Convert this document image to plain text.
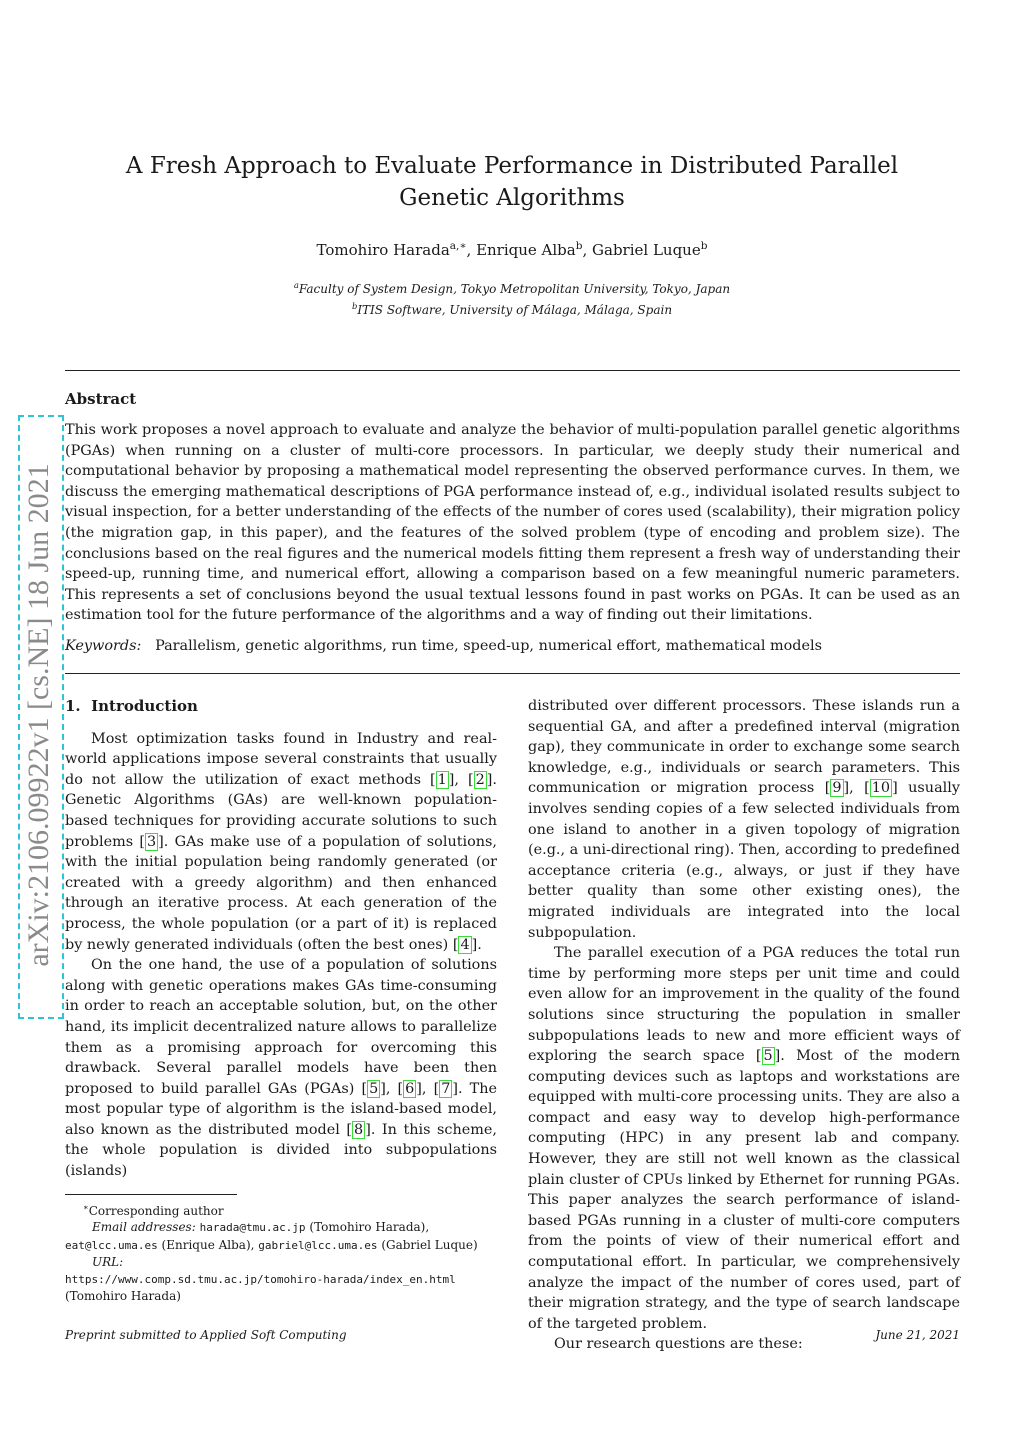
A Fresh Approach to Evaluate Performance in Distributed Parallel Genetic Algorithms
Tomohiro Harada$^{a,∗}$, Enrique Alba$^b$, Gabriel Luque$^b$
$^a$Faculty of System Design, Tokyo Metropolitan University, Tokyo, Japan
$^b$ITIS Software, University of Málaga, Málaga, Spain
Abstract
This work proposes a novel approach to evaluate and analyze the behavior of multi-population parallel genetic algorithms (PGAs) when running on a cluster of multi-core processors. In particular, we deeply study their numerical and computational behavior by proposing a mathematical model representing the observed performance curves. In them, we discuss the emerging mathematical descriptions of PGA performance instead of, e.g., individual isolated results subject to visual inspection, for a better understanding of the effects of the number of cores used (scalability), their migration policy (the migration gap, in this paper), and the features of the solved problem (type of encoding and problem size). The conclusions based on the real figures and the numerical models fitting them represent a fresh way of understanding their speed-up, running time, and numerical effort, allowing a comparison based on a few meaningful numeric parameters. This represents a set of conclusions beyond the usual textual lessons found in past works on PGAs. It can be used as an estimation tool for the future performance of the algorithms and a way of finding out their limitations.
Keywords: Parallelism, genetic algorithms, run time, speed-up, numerical effort, mathematical models
1. Introduction

Most optimization tasks found in Industry and real-world applications impose several constraints that usually do not allow the utilization of exact methods [ 1 ], [ 2 ]. Genetic Algorithms (GAs) are well-known population-based techniques for providing accurate solutions to such problems [ 3 ]. GAs make use of a population of solutions, with the initial population being randomly generated (or created with a greedy algorithm) and then enhanced through an iterative process. At each generation of the process, the whole population (or a part of it) is replaced by newly generated individuals (often the best ones) [ 4 ].

On the one hand, the use of a population of solutions along with genetic operations makes GAs time-consuming in order to reach an acceptable solution, but, on the other hand, its implicit decentralized nature allows to parallelize them as a promising approach for overcoming this drawback. Several parallel models have been then proposed to build parallel GAs (PGAs) [ 5 ], [ 6 ], [ 7 ]. The most popular type of algorithm is the island-based model, also known as the distributed model [ 8 ]. In this scheme, the whole population is divided into subpopulations (islands)

distributed over different processors. These islands run a sequential GA, and after a predefined interval (migration gap), they communicate in order to exchange some search knowledge, e.g., individuals or search parameters. This communication or migration process [ 9 ], [ 10 ] usually involves sending copies of a few selected individuals from one island to another in a given topology of migration (e.g., a uni-directional ring). Then, according to predefined acceptance criteria (e.g., always, or just if they have better quality than some other existing ones), the migrated individuals are integrated into the local subpopulation.

The parallel execution of a PGA reduces the total run time by performing more steps per unit time and could even allow for an improvement in the quality of the found solutions since structuring the population in smaller subpopulations leads to new and more efficient ways of exploring the search space [ 5 ]. Most of the modern computing devices such as laptops and workstations are equipped with multi-core processing units. They are also a compact and easy way to develop high-performance computing (HPC) in any present lab and company. However, they are still not well known as the classical plain cluster of CPUs linked by Ethernet for running PGAs. This paper analyzes the search performance of island-based PGAs running in a cluster of multi-core computers from the points of view of their numerical effort and computational effort. In particular, we comprehensively analyze the impact of the number of cores used, part of their migration strategy, and the type of search landscape of the targeted problem.

Our research questions are these:

∗Corresponding author
Email addresses: harada@tmu.ac.jp (Tomohiro Harada),
eat@lcc.uma.es (Enrique Alba), gabriel@lcc.uma.es (Gabriel Luque)
URL:
https://www.comp.sd.tmu.ac.jp/tomohiro-harada/index_en.html
(Tomohiro Harada)
Preprint submitted to Applied Soft Computing	June 21, 2021
arXiv:2106.09922v1 [cs.NE] 18 Jun 2021
